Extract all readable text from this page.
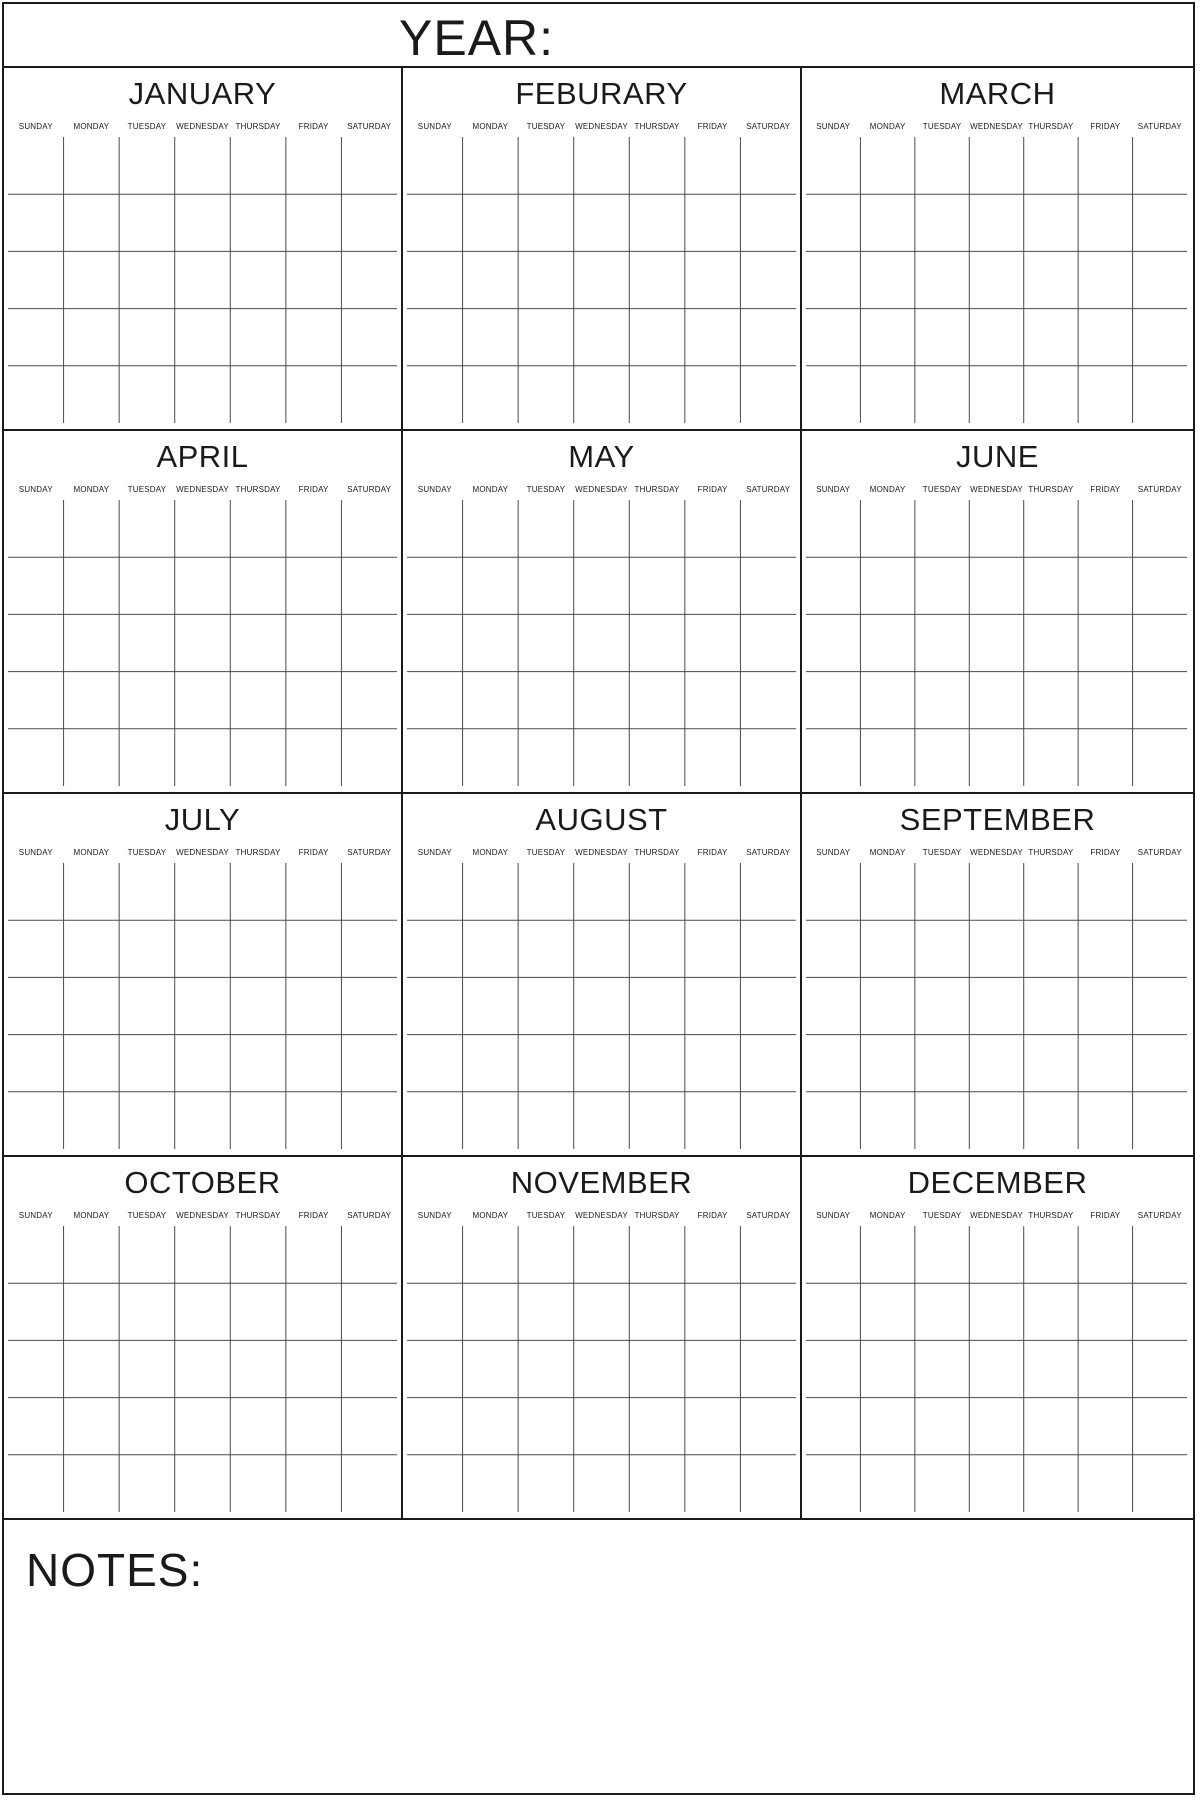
YEAR:
JANUARY
SUNDAY	MONDAY	TUESDAY	WEDNESDAY THURSDAY	FRIDAY	SATURDAY
FEBURARY
SUNDAY	MONDAY	TUESDAY	WEDNESDAY THURSDAY	FRIDAY	SATURDAY
MARCH
SUNDAY	MONDAY	TUESDAY	WEDNESDAY THURSDAY	FRIDAY	SATURDAY
APRIL
SUNDAY	MONDAY	TUESDAY	WEDNESDAY THURSDAY	FRIDAY	SATURDAY
MAY
SUNDAY	MONDAY	TUESDAY	WEDNESDAY THURSDAY	FRIDAY	SATURDAY
JUNE
SUNDAY	MONDAY	TUESDAY	WEDNESDAY THURSDAY	FRIDAY	SATURDAY
JULY
SUNDAY	MONDAY	TUESDAY	WEDNESDAY THURSDAY	FRIDAY	SATURDAY
AUGUST
SUNDAY	MONDAY	TUESDAY	WEDNESDAY THURSDAY	FRIDAY	SATURDAY
SEPTEMBER
SUNDAY	MONDAY	TUESDAY	WEDNESDAY THURSDAY	FRIDAY	SATURDAY
OCTOBER
SUNDAY	MONDAY	TUESDAY	WEDNESDAY THURSDAY	FRIDAY	SATURDAY
NOVEMBER
SUNDAY	MONDAY	TUESDAY	WEDNESDAY THURSDAY	FRIDAY	SATURDAY
DECEMBER
SUNDAY	MONDAY	TUESDAY	WEDNESDAY THURSDAY	FRIDAY	SATURDAY
NOTES:
